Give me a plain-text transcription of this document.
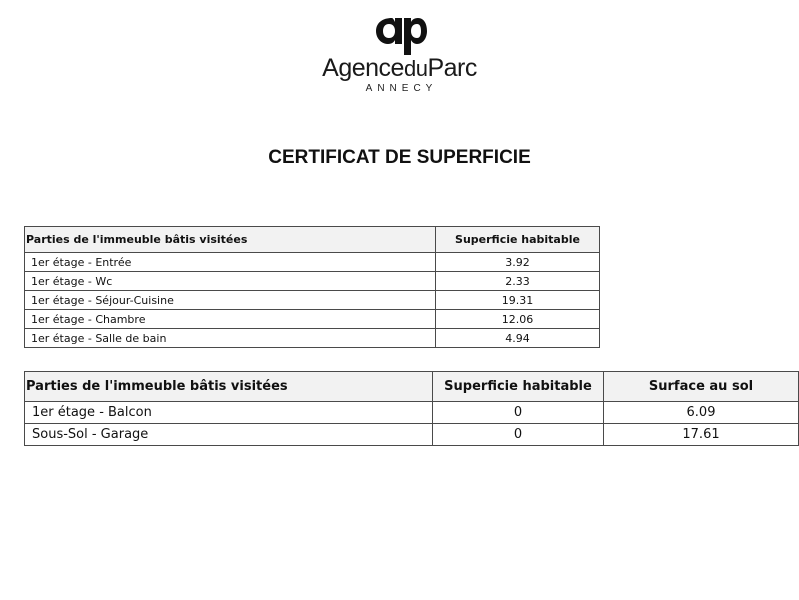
AgenceduParc
ANNECY
CERTIFICAT DE SUPERFICIE
Parties de l'immeuble bâtis visitées	Superficie habitable
1er étage - Entrée	3.92
1er étage - Wc	2.33
1er étage - Séjour-Cuisine	19.31
1er étage - Chambre	12.06
1er étage - Salle de bain	4.94
Parties de l'immeuble bâtis visitées	Superficie habitable	Surface au sol
1er étage - Balcon	0	6.09
Sous-Sol - Garage	0	17.61
